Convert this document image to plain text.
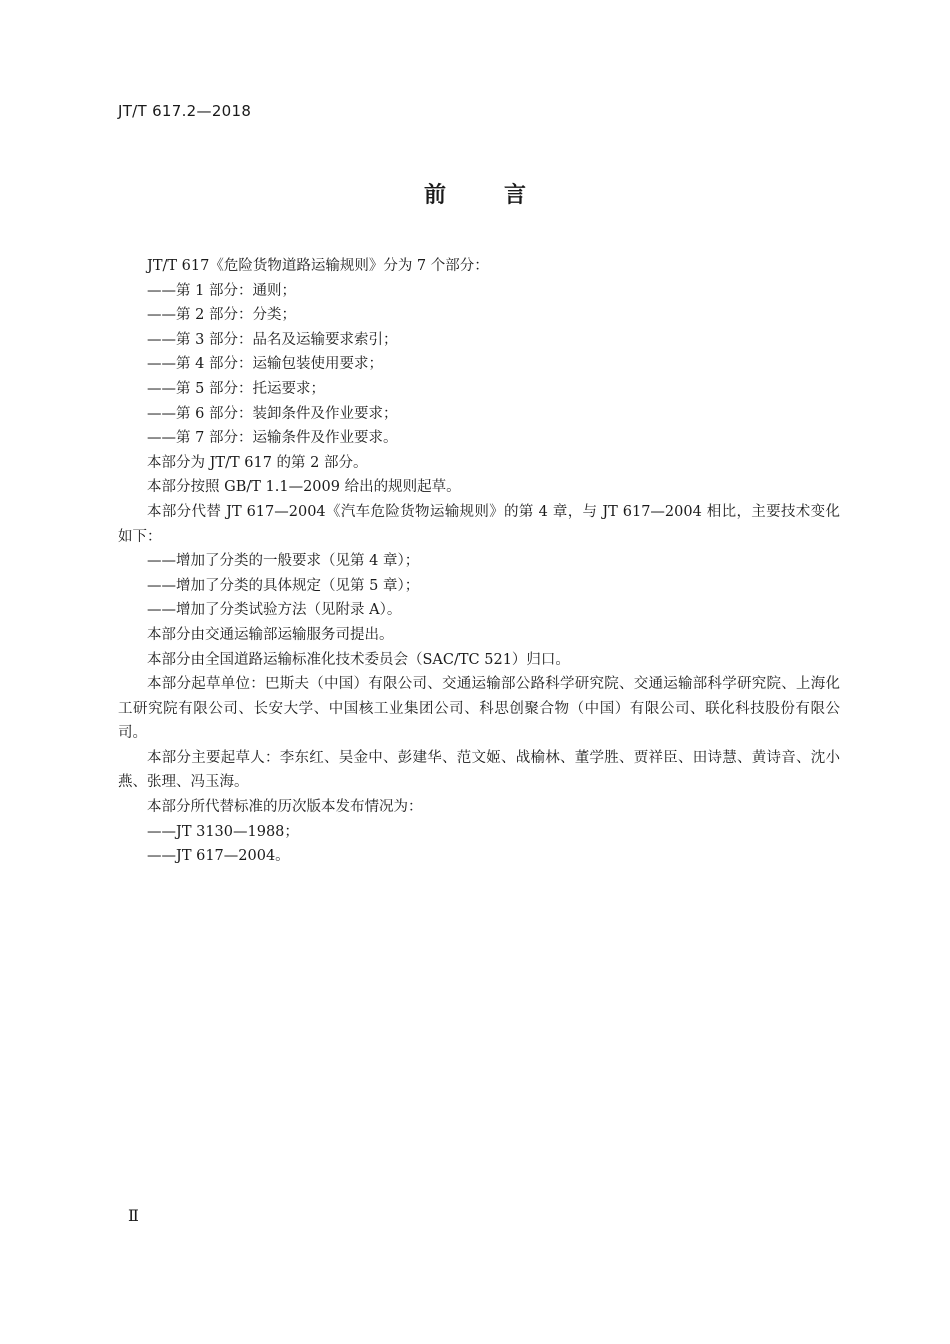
JT/T 617.2—2018
前	言

JT/T 617《危险货物道路运输规则》分为 7 个部分：

——第 1 部分：通则；

——第 2 部分：分类；

——第 3 部分：品名及运输要求索引；

——第 4 部分：运输包装使用要求；

——第 5 部分：托运要求；

——第 6 部分：装卸条件及作业要求；

——第 7 部分：运输条件及作业要求。

本部分为 JT/T 617 的第 2 部分。

本部分按照 GB/T 1.1—2009 给出的规则起草。

本部分代替 JT 617—2004《汽车危险货物运输规则》的第 4 章，与 JT 617—2004 相比，主要技术变化如下：

——增加了分类的一般要求（见第 4 章）；

——增加了分类的具体规定（见第 5 章）；

——增加了分类试验方法（见附录 A）。

本部分由交通运输部运输服务司提出。

本部分由全国道路运输标准化技术委员会（SAC/TC 521）归口。

本部分起草单位：巴斯夫（中国）有限公司、交通运输部公路科学研究院、交通运输部科学研究院、上海化工研究院有限公司、长安大学、中国核工业集团公司、科思创聚合物（中国）有限公司、联化科技股份有限公司。

本部分主要起草人：李东红、吴金中、彭建华、范文姬、战榆林、董学胜、贾祥臣、田诗慧、黄诗音、沈小燕、张理、冯玉海。

本部分所代替标准的历次版本发布情况为：

——JT 3130—1988；

——JT 617—2004。

Ⅱ
